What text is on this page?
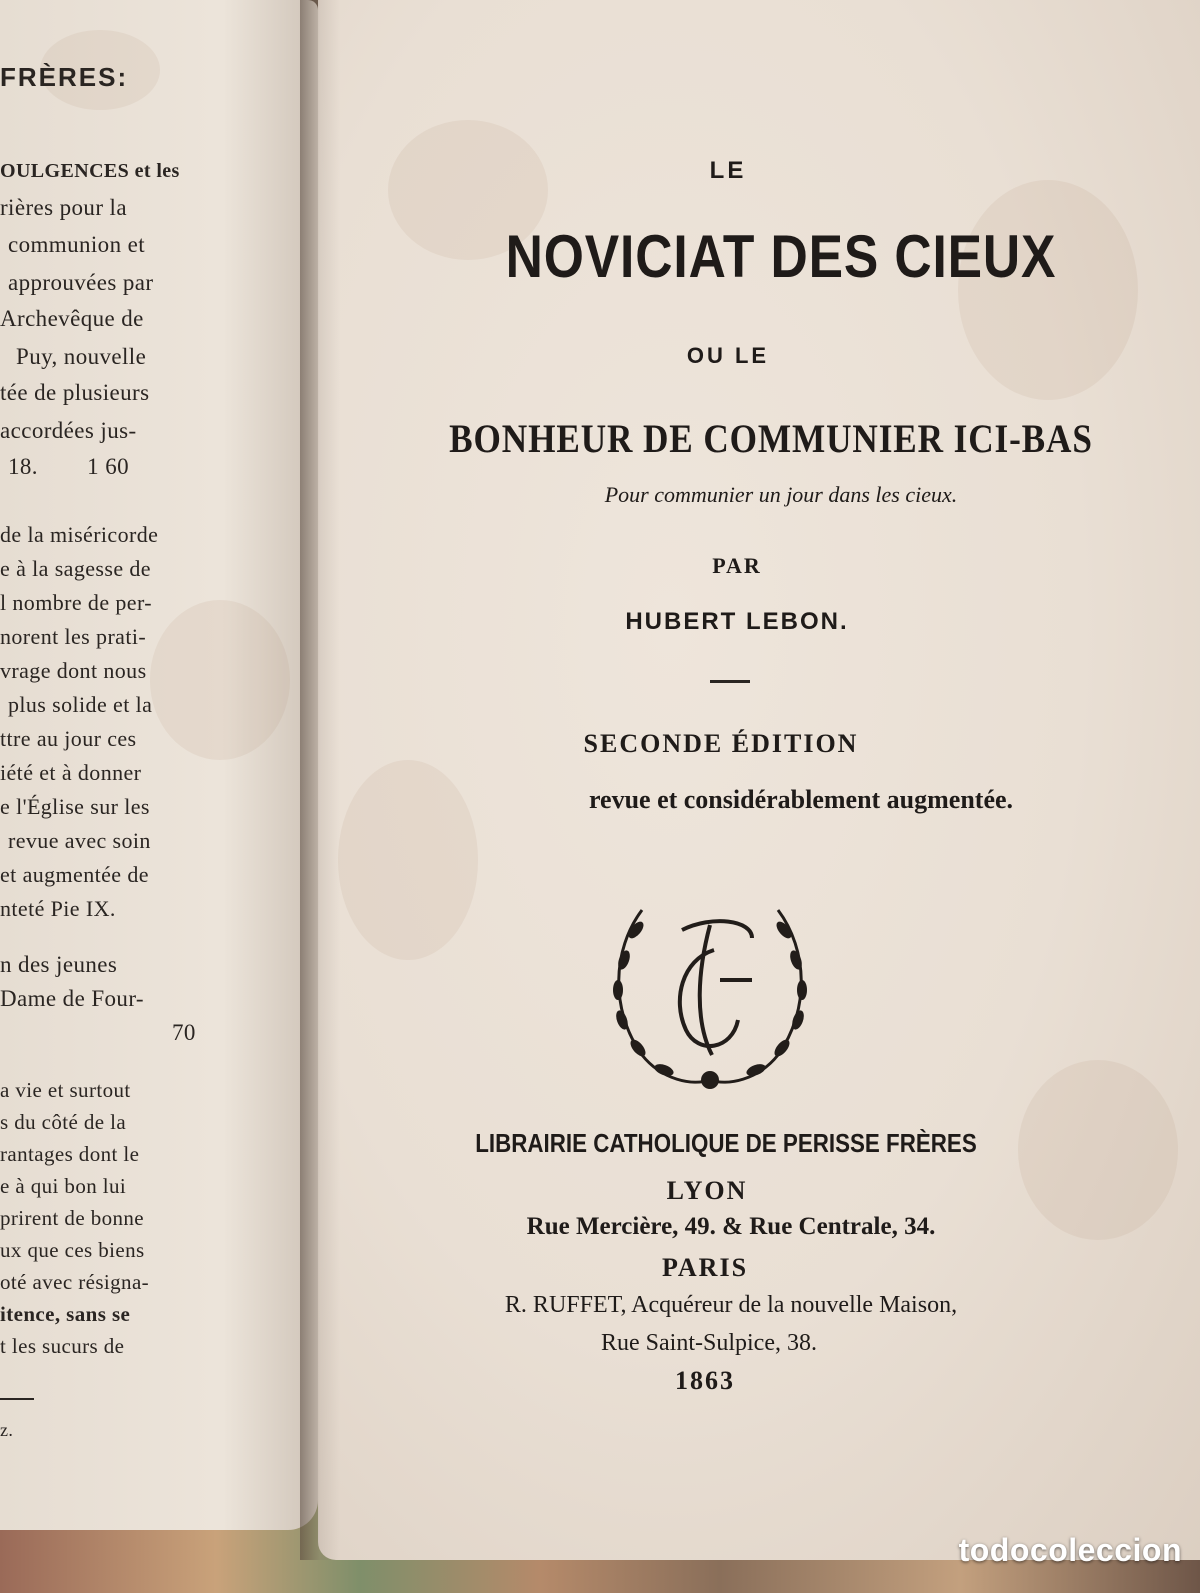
FRÈRES:
OULGENCES et les
rières pour la
communion et
approuvées par
Archevêque de
Puy, nouvelle
tée de plusieurs
accordées jus-
18.        1 60
de la miséricorde
e à la sagesse de
l nombre de per-
norent les prati-
vrage dont nous
plus solide et la
ttre au jour ces
iété et à donner
e l'Église sur les
revue avec soin
et augmentée de
nteté Pie IX.
n des jeunes
Dame de Four-
70
a vie et surtout
s du côté de la
rantages dont le
e à qui bon lui
prirent de bonne
ux que ces biens
oté avec résigna-
itence, sans se
t les sucurs de
z.
LE
NOVICIAT DES CIEUX
OU LE
BONHEUR DE COMMUNIER ICI-BAS
Pour communier un jour dans les cieux.
PAR
HUBERT LEBON.
SECONDE ÉDITION
revue et considérablement augmentée.
LIBRAIRIE CATHOLIQUE DE PERISSE FRÈRES
LYON
Rue Mercière, 49. & Rue Centrale, 34.
PARIS
R. RUFFET, Acquéreur de la nouvelle Maison,
Rue Saint-Sulpice, 38.
1863
todocoleccion
